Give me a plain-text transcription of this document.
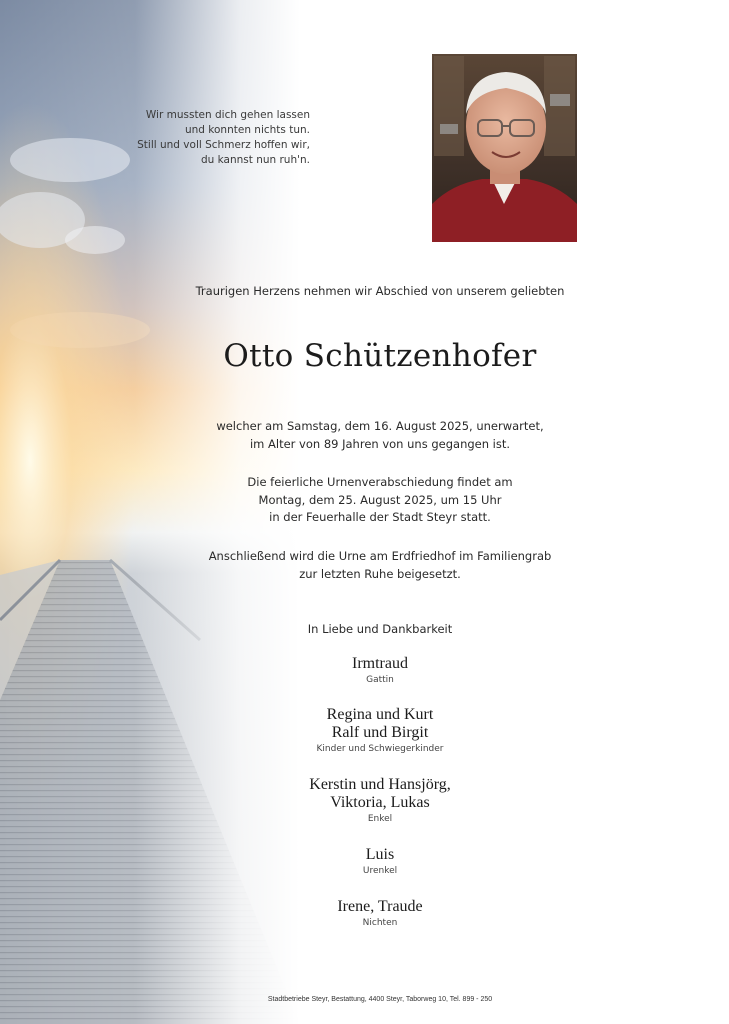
Wir mussten dich gehen lassen
und konnten nichts tun.
Still und voll Schmerz hoffen wir,
du kannst nun ruh'n.
Traurigen Herzens nehmen wir Abschied von unserem geliebten
Otto Schützenhofer
welcher am Samstag, dem 16. August 2025, unerwartet,
im Alter von 89 Jahren von uns gegangen ist.
Die feierliche Urnenverabschiedung findet am
Montag, dem 25. August 2025, um 15 Uhr
in der Feuerhalle der Stadt Steyr statt.
Anschließend wird die Urne am Erdfriedhof im Familiengrab
zur letzten Ruhe beigesetzt.
In Liebe und Dankbarkeit
Irmtraud
Gattin
Regina und Kurt
Ralf und Birgit
Kinder und Schwiegerkinder
Kerstin und Hansjörg,
Viktoria, Lukas
Enkel
Luis
Urenkel
Irene, Traude
Nichten
Stadtbetriebe Steyr, Bestattung, 4400 Steyr, Taborweg 10, Tel. 899 - 250
